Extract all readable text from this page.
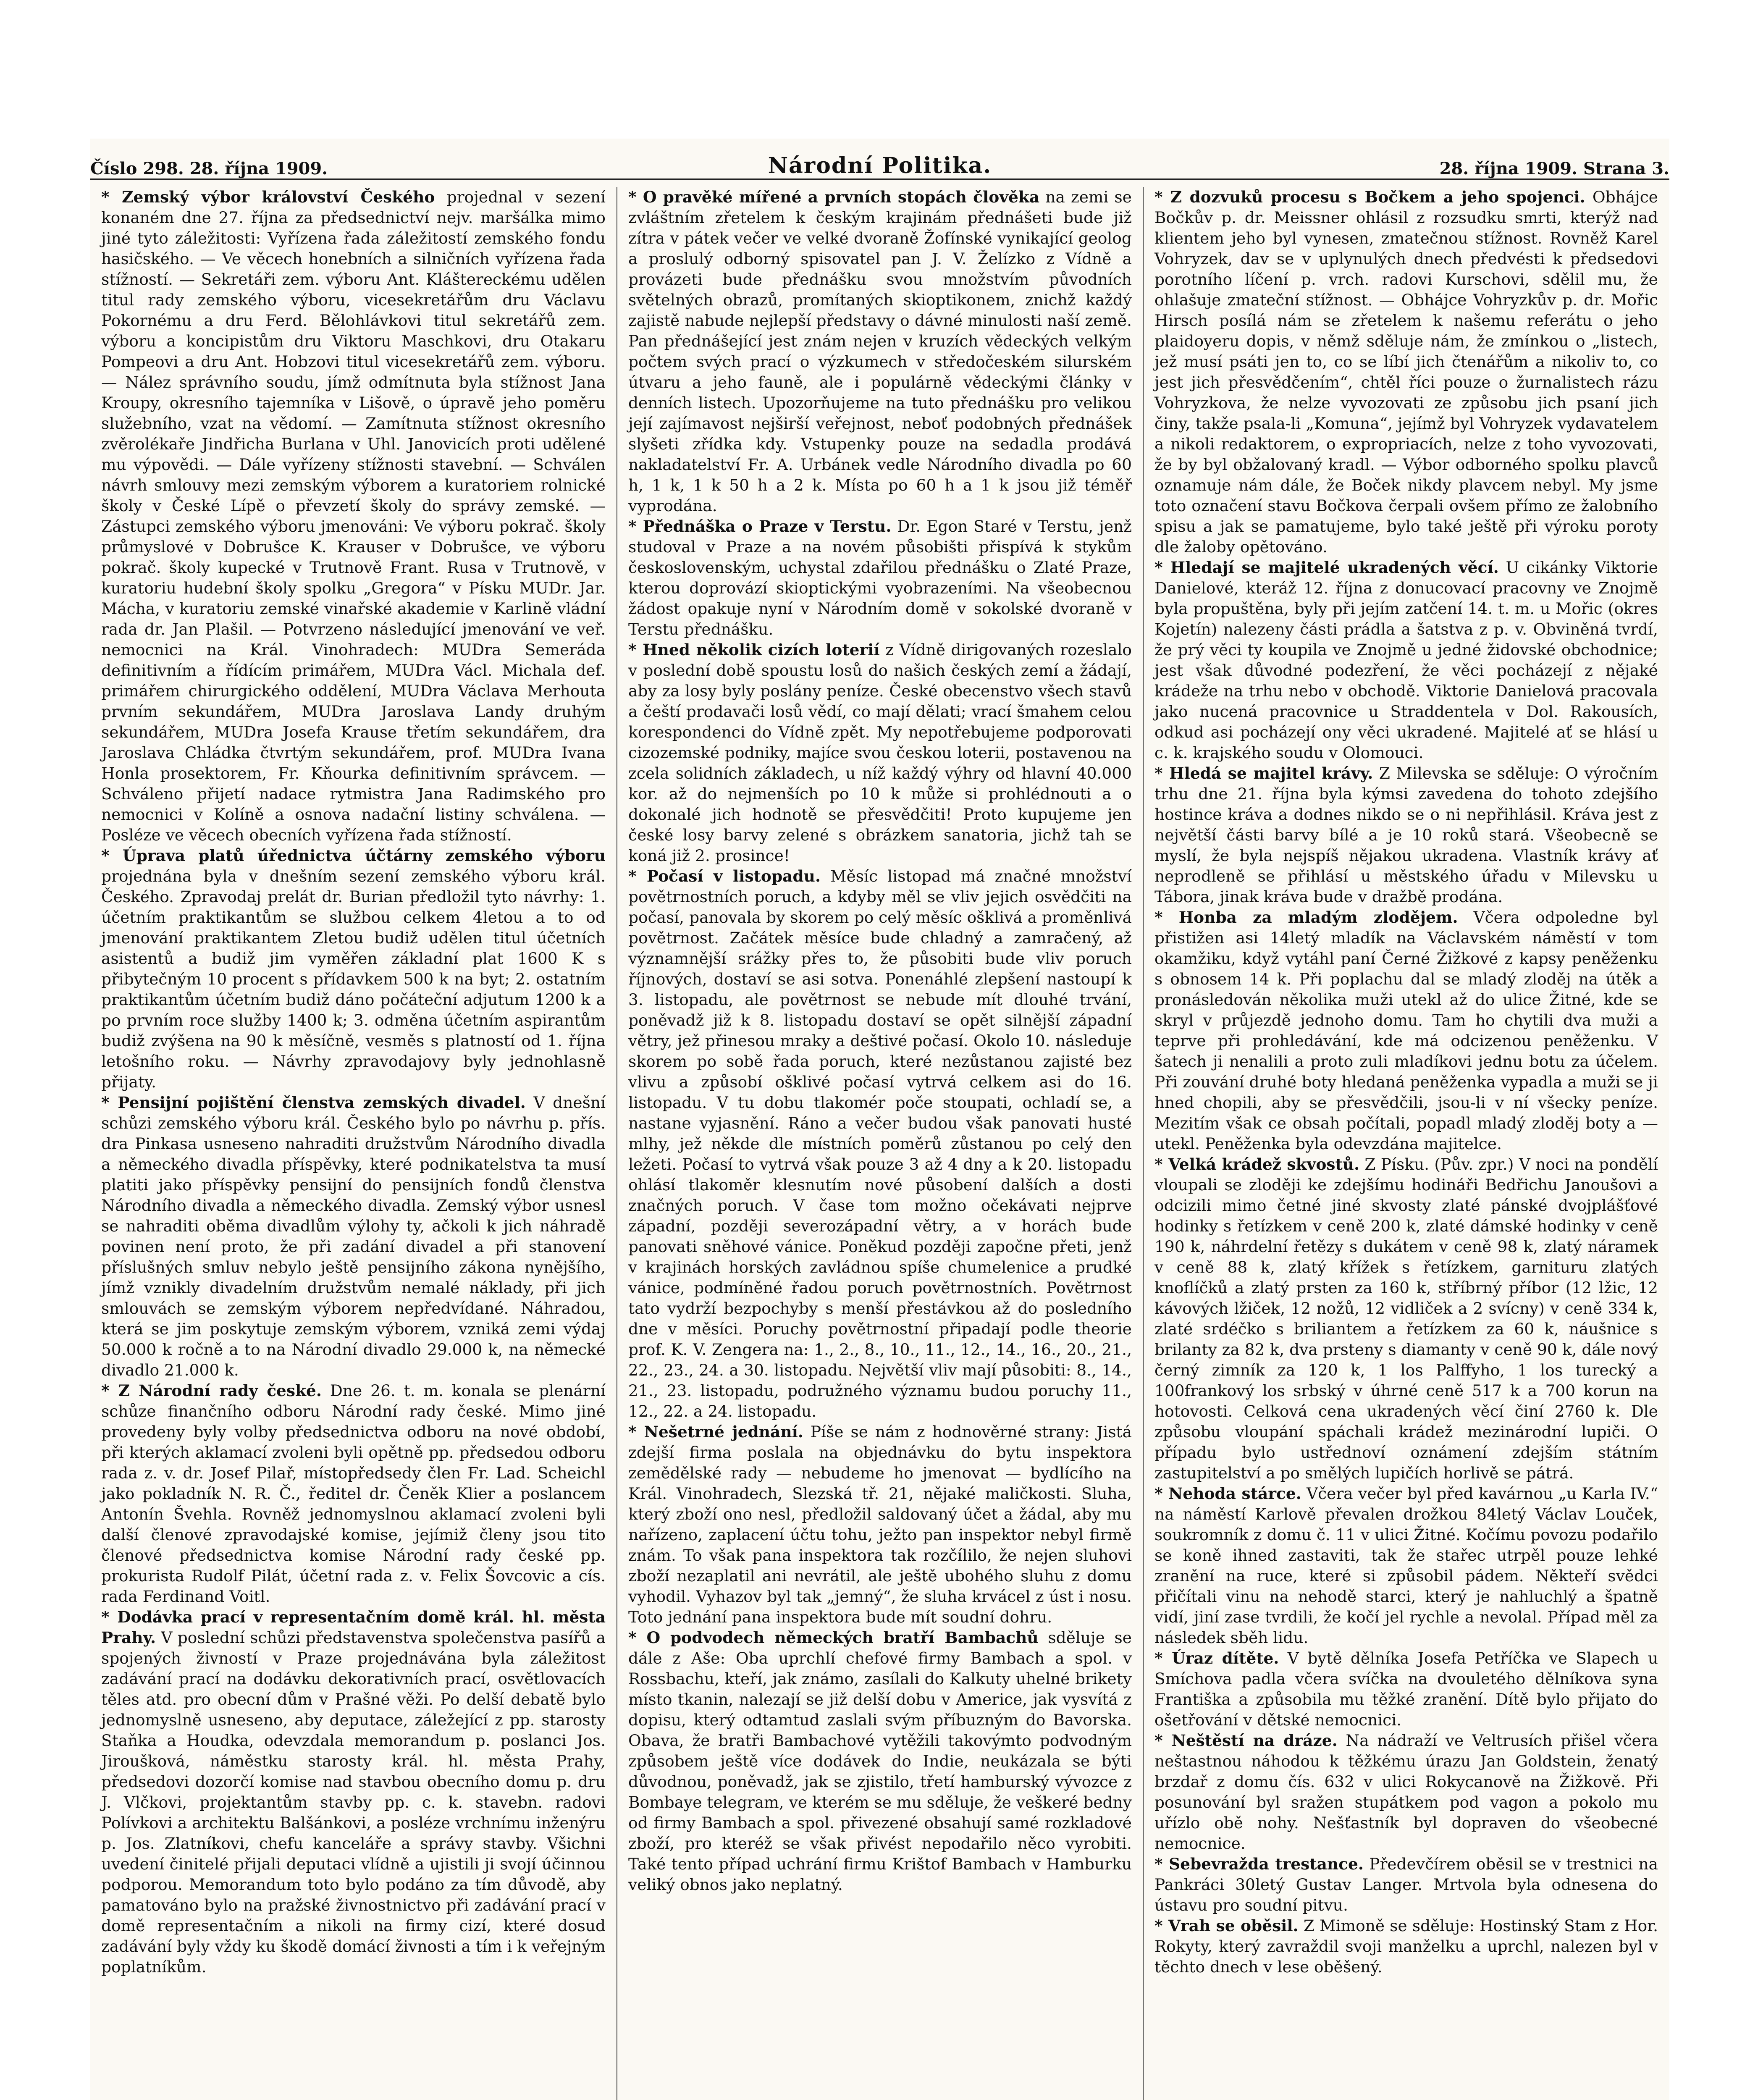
Číslo 298. 28. října 1909.	Národní Politika.	28. října 1909. Strana 3.

* Zemský výbor království Českého projednal v sezení konaném dne 27. října za předsednictví nejv. maršálka mimo jiné tyto záležitosti: Vyřízena řada záležitostí zemského fondu hasičského. — Ve věcech honebních a silničních vyřízena řada stížností. — Sekretáři zem. výboru Ant. Kláštereckému udělen titul rady zemského výboru, vicesekretářům dru Václavu Pokornému a dru Ferd. Bělohlávkovi titul sekretářů zem. výboru a koncipistům dru Viktoru Maschkovi, dru Otakaru Pompeovi a dru Ant. Hobzovi titul vicesekretářů zem. výboru. — Nález správního soudu, jímž odmítnuta byla stížnost Jana Kroupy, okresního tajemníka v Lišově, o úpravě jeho poměru služebního, vzat na vědomí. — Zamítnuta stížnost okresního zvěrolékaře Jindřicha Burlana v Uhl. Janovicích proti udělené mu výpovědi. — Dále vyřízeny stížnosti stavební. — Schválen návrh smlouvy mezi zemským výborem a kuratoriem rolnické školy v České Lípě o převzetí školy do správy zemské. — Zástupci zemského výboru jmenováni: Ve výboru pokrač. školy průmyslové v Dobrušce K. Krauser v Dobrušce, ve výboru pokrač. školy kupecké v Trutnově Frant. Rusa v Trutnově, v kuratoriu hudební školy spolku „Gregora“ v Písku MUDr. Jar. Mácha, v kuratoriu zemské vinařské akademie v Karlině vládní rada dr. Jan Plašil. — Potvrzeno následující jmenování ve veř. nemocnici na Král. Vinohradech: MUDra Semeráda definitivním a řídícím primářem, MUDra Václ. Michala def. primářem chirurgického oddělení, MUDra Václava Merhouta prvním sekundářem, MUDra Jaroslava Landy druhým sekundářem, MUDra Josefa Krause třetím sekundářem, dra Jaroslava Chládka čtvrtým sekundářem, prof. MUDra Ivana Honla prosektorem, Fr. Kňourka definitivním správcem. — Schváleno přijetí nadace rytmistra Jana Radimského pro nemocnici v Kolíně a osnova nadační listiny schválena. — Posléze ve věcech obecních vyřízena řada stížností.

* Úprava platů úřednictva účtárny zemského výboru projednána byla v dnešním sezení zemského výboru král. Českého. Zpravodaj prelát dr. Burian předložil tyto návrhy: 1. účetním praktikantům se službou celkem 4letou a to od jmenování praktikantem Zletou budiž udělen titul účetních asistentů a budiž jim vyměřen základní plat 1600 K s přibytečným 10 procent s přídavkem 500 k na byt; 2. ostatním praktikantům účetním budiž dáno počáteční adjutum 1200 k a po prvním roce služby 1400 k; 3. odměna účetním aspirantům budiž zvýšena na 90 k měsíčně, vesměs s platností od 1. října letošního roku. — Návrhy zpravodajovy byly jednohlasně přijaty.

* Pensijní pojištění členstva zemských divadel. V dnešní schůzi zemského výboru král. Českého bylo po návrhu p. přís. dra Pinkasa usneseno nahraditi družstvům Národního divadla a německého divadla příspěvky, které podnikatelstva ta musí platiti jako příspěvky pensijní do pensijních fondů členstva Národního divadla a německého divadla. Zemský výbor usnesl se nahraditi oběma divadlům výlohy ty, ačkoli k jich náhradě povinen není proto, že při zadání divadel a při stanovení příslušných smluv nebylo ještě pensijního zákona nynějšího, jímž vznikly divadelním družstvům nemalé náklady, při jich smlouvách se zemským výborem nepředvídané. Náhradou, která se jim poskytuje zemským výborem, vzniká zemi výdaj 50.000 k ročně a to na Národní divadlo 29.000 k, na německé divadlo 21.000 k.

* Z Národní rady české. Dne 26. t. m. konala se plenární schůze finančního odboru Národní rady české. Mimo jiné provedeny byly volby předsednictva odboru na nové období, při kterých aklamací zvoleni byli opětně pp. předsedou odboru rada z. v. dr. Josef Pilař, místopředsedy člen Fr. Lad. Scheichl jako pokladník N. R. Č., ředitel dr. Čeněk Klier a poslancem Antonín Švehla. Rovněž jednomyslnou aklamací zvoleni byli další členové zpravodajské komise, jejímiž členy jsou tito členové předsednictva komise Národní rady české pp. prokurista Rudolf Pilát, účetní rada z. v. Felix Šovcovic a cís. rada Ferdinand Voitl.

* Dodávka prací v representačním domě král. hl. města Prahy. V poslední schůzi představenstva společenstva pasířů a spojených živností v Praze projednávána byla záležitost zadávání prací na dodávku dekorativních prací, osvětlovacích těles atd. pro obecní dům v Prašné věži. Po delší debatě bylo jednomyslně usneseno, aby deputace, záležející z pp. starosty Staňka a Houdka, odevzdala memorandum p. poslanci Jos. Jiroušková, náměstku starosty král. hl. města Prahy, předsedovi dozorčí komise nad stavbou obecního domu p. dru J. Vlčkovi, projektantům stavby pp. c. k. stavebn. radovi Polívkovi a architektu Balšánkovi, a posléze vrchnímu inženýru p. Jos. Zlatníkovi, chefu kanceláře a správy stavby. Všichni uvedení činitelé přijali deputaci vlídně a ujistili ji svojí účinnou podporou. Memorandum toto bylo podáno za tím důvodě, aby pamatováno bylo na pražské živnostnictvo při zadávání prací v domě representačním a nikoli na firmy cizí, které dosud zadávání byly vždy ku škodě domácí živnosti a tím i k veřejným poplatníkům.

* O pravěké mířené a prvních stopách člověka na zemi se zvláštním zřetelem k českým krajinám přednášeti bude již zítra v pátek večer ve velké dvoraně Žofínské vynikající geolog a proslulý odborný spisovatel pan J. V. Želízko z Vídně a provázeti bude přednášku svou množstvím původních světelných obrazů, promítaných skioptikonem, znichž každý zajistě nabude nejlepší představy o dávné minulosti naší země. Pan přednášející jest znám nejen v kruzích vědeckých velkým počtem svých prací o výzkumech v středočeském silurském útvaru a jeho fauně, ale i populárně vědeckými články v denních listech. Upozorňujeme na tuto přednášku pro velikou její zajímavost nejširší veřejnost, neboť podobných přednášek slyšeti zřídka kdy. Vstupenky pouze na sedadla prodává nakladatelství Fr. A. Urbánek vedle Národního divadla po 60 h, 1 k, 1 k 50 h a 2 k. Místa po 60 h a 1 k jsou již téměř vyprodána.

* Přednáška o Praze v Terstu. Dr. Egon Staré v Terstu, jenž studoval v Praze a na novém působišti přispívá k stykům československým, uchystal zdařilou přednášku o Zlaté Praze, kterou doprovází skioptickými vyobrazeními. Na všeobecnou žádost opakuje nyní v Národním domě v sokolské dvoraně v Terstu přednášku.

* Hned několik cizích loterií z Vídně dirigovaných rozeslalo v poslední době spoustu losů do našich českých zemí a žádají, aby za losy byly poslány peníze. České obecenstvo všech stavů a čeští prodavači losů vědí, co mají dělati; vrací šmahem celou korespondenci do Vídně zpět. My nepotřebujeme podporovati cizozemské podniky, majíce svou českou loterii, postavenou na zcela solidních základech, u níž každý výhry od hlavní 40.000 kor. až do nejmenších po 10 k může si prohlédnouti a o dokonalé jich hodnotě se přesvědčiti! Proto kupujeme jen české losy barvy zelené s obrázkem sanatoria, jichž tah se koná již 2. prosince!

* Počasí v listopadu. Měsíc listopad má značné množství povětrnostních poruch, a kdyby měl se vliv jejich osvědčiti na počasí, panovala by skorem po celý měsíc ošklivá a proměnlivá povětrnost. Začátek měsíce bude chladný a zamračený, až významnější srážky přes to, že působiti bude vliv poruch říjnových, dostaví se asi sotva. Ponenáhlé zlepšení nastoupí k 3. listopadu, ale povětrnost se nebude mít dlouhé trvání, poněvadž již k 8. listopadu dostaví se opět silnější západní větry, jež přinesou mraky a deštivé počasí. Okolo 10. následuje skorem po sobě řada poruch, které nezůstanou zajisté bez vlivu a způsobí ošklivé počasí vytrvá celkem asi do 16. listopadu. V tu dobu tlakomér poče stoupati, ochladí se, a nastane vyjasnění. Ráno a večer budou však panovati husté mlhy, jež někde dle místních poměrů zůstanou po celý den ležeti. Počasí to vytrvá však pouze 3 až 4 dny a k 20. listopadu ohlásí tlakoměr klesnutím nové působení dalších a dosti značných poruch. V čase tom možno očekávati nejprve západní, později severozápadní větry, a v horách bude panovati sněhové vánice. Poněkud později započne přeti, jenž v krajinách horských zavládnou spíše chumelenice a prudké vánice, podmíněné řadou poruch povětrnostních. Povětrnost tato vydrží bezpochyby s menší přestávkou až do posledního dne v měsíci. Poruchy povětrnostní připadají podle theorie prof. K. V. Zengera na: 1., 2., 8., 10., 11., 12., 14., 16., 20., 21., 22., 23., 24. a 30. listopadu. Největší vliv mají působiti: 8., 14., 21., 23. listopadu, podružného významu budou poruchy 11., 12., 22. a 24. listopadu.

* Nešetrné jednání. Píše se nám z hodnověrné strany: Jistá zdejší firma poslala na objednávku do bytu inspektora zemědělské rady — nebudeme ho jmenovat — bydlícího na Král. Vinohradech, Slezská tř. 21, nějaké maličkosti. Sluha, který zboží ono nesl, předložil saldovaný účet a žádal, aby mu nařízeno, zaplacení účtu tohu, ježto pan inspektor nebyl firmě znám. To však pana inspektora tak rozčílilo, že nejen sluhovi zboží nezaplatil ani nevrátil, ale ještě ubohého sluhu z domu vyhodil. Vyhazov byl tak „jemný“, že sluha krvácel z úst i nosu. Toto jednání pana inspektora bude mít soudní dohru.

* O podvodech německých bratří Bambachů sděluje se dále z Aše: Oba uprchlí chefové firmy Bambach a spol. v Rossbachu, kteří, jak známo, zasílali do Kalkuty uhelné brikety místo tkanin, nalezají se již delší dobu v Americe, jak vysvítá z dopisu, který odtamtud zaslali svým příbuzným do Bavorska. Obava, že bratři Bambachové vytěžili takovýmto podvodným způsobem ještě více dodávek do Indie, neukázala se býti důvodnou, poněvadž, jak se zjistilo, třetí hamburský vývozce z Bombaye telegram, ve kterém se mu sděluje, že veškeré bedny od firmy Bambach a spol. přivezené obsahují samé rozkladové zboží, pro kteréž se však přivést nepodařilo něco vyrobiti. Také tento případ uchrání firmu Krištof Bambach v Hamburku veliký obnos jako neplatný.

* Z dozvuků procesu s Bočkem a jeho spojenci. Obhájce Bočkův p. dr. Meissner ohlásil z rozsudku smrti, kterýž nad klientem jeho byl vynesen, zmatečnou stížnost. Rovněž Karel Vohryzek, dav se v uplynulých dnech předvésti k předsedovi porotního líčení p. vrch. radovi Kurschovi, sdělil mu, že ohlašuje zmateční stížnost. — Obhájce Vohryzkův p. dr. Mořic Hirsch posílá nám se zřetelem k našemu referátu o jeho plaidoyeru dopis, v němž sděluje nám, že zmínkou o „listech, jež musí psáti jen to, co se líbí jich čtenářům a nikoliv to, co jest jich přesvědčením“, chtěl říci pouze o žurnalistech rázu Vohryzkova, že nelze vyvozovati ze způsobu jich psaní jich činy, takže psala-li „Komuna“, jejímž byl Vohryzek vydavatelem a nikoli redaktorem, o expropriacích, nelze z toho vyvozovati, že by byl obžalovaný kradl. — Výbor odborného spolku plavců oznamuje nám dále, že Boček nikdy plavcem nebyl. My jsme toto označení stavu Bočkova čerpali ovšem přímo ze žalobního spisu a jak se pamatujeme, bylo také ještě při výroku poroty dle žaloby opětováno.

* Hledají se majitelé ukradených věcí. U cikánky Viktorie Danielové, kteráž 12. října z donucovací pracovny ve Znojmě byla propuštěna, byly při jejím zatčení 14. t. m. u Mořic (okres Kojetín) nalezeny části prádla a šatstva z p. v. Obviněná tvrdí, že prý věci ty koupila ve Znojmě u jedné židovské obchodnice; jest však důvodné podezření, že věci pocházejí z nějaké krádeže na trhu nebo v obchodě. Viktorie Danielová pracovala jako nucená pracovnice u Straddentela v Dol. Rakousích, odkud asi pocházejí ony věci ukradené. Majitelé ať se hlásí u c. k. krajského soudu v Olomouci.

* Hledá se majitel krávy. Z Milevska se sděluje: O výročním trhu dne 21. října byla kýmsi zavedena do tohoto zdejšího hostince kráva a dodnes nikdo se o ni nepřihlásil. Kráva jest z největší části barvy bílé a je 10 roků stará. Všeobecně se myslí, že byla nejspíš nějakou ukradena. Vlastník krávy ať neprodleně se přihlásí u městského úřadu v Milevsku u Tábora, jinak kráva bude v dražbě prodána.

* Honba za mladým zlodějem. Včera odpoledne byl přistižen asi 14letý mladík na Václavském náměstí v tom okamžiku, když vytáhl paní Černé Žižkové z kapsy peněženku s obnosem 14 k. Při poplachu dal se mladý zloděj na útěk a pronásledován několika muži utekl až do ulice Žitné, kde se skryl v průjezdě jednoho domu. Tam ho chytili dva muži a teprve při prohledávání, kde má odcizenou peněženku. V šatech ji nenalili a proto zuli mladíkovi jednu botu za účelem. Při zouvání druhé boty hledaná peněženka vypadla a muži se ji hned chopili, aby se přesvědčili, jsou-li v ní všecky peníze. Mezitím však ce obsah počítali, popadl mladý zloděj boty a — utekl. Peněženka byla odevzdána majitelce.

* Velká krádež skvostů. Z Písku. (Pův. zpr.) V noci na pondělí vloupali se zloději ke zdejšímu hodináři Bedřichu Janoušovi a odcizili mimo četné jiné skvosty zlaté pánské dvojplášťové hodinky s řetízkem v ceně 200 k, zlaté dámské hodinky v ceně 190 k, náhrdelní řetězy s dukátem v ceně 98 k, zlatý náramek v ceně 88 k, zlatý křížek s řetízkem, garnituru zlatých knoflíčků a zlatý prsten za 160 k, stříbrný příbor (12 lžic, 12 kávových lžiček, 12 nožů, 12 vidliček a 2 svícny) v ceně 334 k, zlaté srdéčko s briliantem a řetízkem za 60 k, náušnice s brilanty za 82 k, dva prsteny s diamanty v ceně 90 k, dále nový černý zimník za 120 k, 1 los Palffyho, 1 los turecký a 100frankový los srbský v úhrné ceně 517 k a 700 korun na hotovosti. Celková cena ukradených věcí činí 2760 k. Dle způsobu vloupání spáchali krádež mezinárodní lupiči. O případu bylo ustřednoví oznámení zdejším státním zastupitelství a po smělých lupičích horlivě se pátrá.

* Nehoda stárce. Včera večer byl před kavárnou „u Karla IV.“ na náměstí Karlově převalen drožkou 84letý Václav Louček, soukromník z domu č. 11 v ulici Žitné. Kočímu povozu podařilo se koně ihned zastaviti, tak že stařec utrpěl pouze lehké zranění na ruce, které si způsobil pádem. Někteří svědci přičítali vinu na nehodě starci, který je nahluchlý a špatně vidí, jiní zase tvrdili, že kočí jel rychle a nevolal. Případ měl za následek sběh lidu.

* Úraz dítěte. V bytě dělníka Josefa Petříčka ve Slapech u Smíchova padla včera svíčka na dvouletého dělníkova syna Františka a způsobila mu těžké zranění. Dítě bylo přijato do ošetřování v dětské nemocnici.

* Neštěstí na dráze. Na nádraží ve Veltrusích přišel včera neštastnou náhodou k těžkému úrazu Jan Goldstein, ženatý brzdař z domu čís. 632 v ulici Rokycanově na Žižkově. Při posunování byl sražen stupátkem pod vagon a pokolo mu uřízlo obě nohy. Nešťastník byl dopraven do všeobecné nemocnice.

* Sebevražda trestance. Předevčírem oběsil se v trestnici na Pankráci 30letý Gustav Langer. Mrtvola byla odnesena do ústavu pro soudní pitvu.

* Vrah se oběsil. Z Mimoně se sděluje: Hostinský Stam z Hor. Rokyty, který zavraždil svoji manželku a uprchl, nalezen byl v těchto dnech v lese oběšený.
